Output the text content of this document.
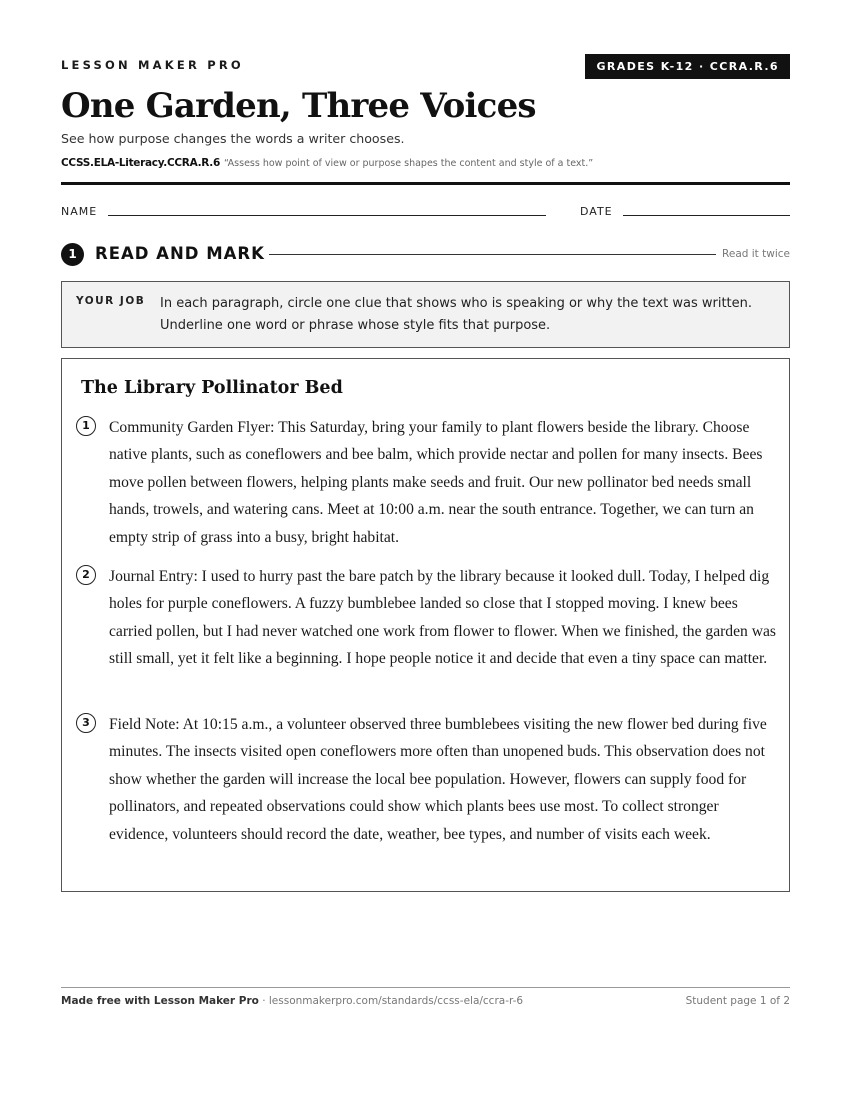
LESSON MAKER PRO	GRADES K-12 · CCRA.R.6
One Garden, Three Voices
See how purpose changes the words a writer chooses.
CCSS.ELA-Literacy.CCRA.R.6 “Assess how point of view or purpose shapes the content and style of a text.”
NAME	DATE
1	READ AND MARK	Read it twice
YOUR JOB In each paragraph, circle one clue that shows who is speaking or why the text was written. Underline one word or phrase whose style fits that purpose.
The Library Pollinator Bed
1	Community Garden Flyer: This Saturday, bring your family to plant flowers beside the library. Choose native plants, such as coneflowers and bee balm, which provide nectar and pollen for many insects. Bees move pollen between flowers, helping plants make seeds and fruit. Our new pollinator bed needs small hands, trowels, and watering cans. Meet at 10:00 a.m. near the south entrance. Together, we can turn an empty strip of grass into a busy, bright habitat.
2	Journal Entry: I used to hurry past the bare patch by the library because it looked dull. Today, I helped dig holes for purple coneflowers. A fuzzy bumblebee landed so close that I stopped moving. I knew bees carried pollen, but I had never watched one work from flower to flower. When we finished, the garden was still small, yet it felt like a beginning. I hope people notice it and decide that even a tiny space can matter.
3	Field Note: At 10:15 a.m., a volunteer observed three bumblebees visiting the new flower bed during five minutes. The insects visited open coneflowers more often than unopened buds. This observation does not show whether the garden will increase the local bee population. However, flowers can supply food for pollinators, and repeated observations could show which plants bees use most. To collect stronger evidence, volunteers should record the date, weather, bee types, and number of visits each week.
Made free with Lesson Maker Pro · lessonmakerpro.com/standards/ccss-ela/ccra-r-6	Student page 1 of 2
